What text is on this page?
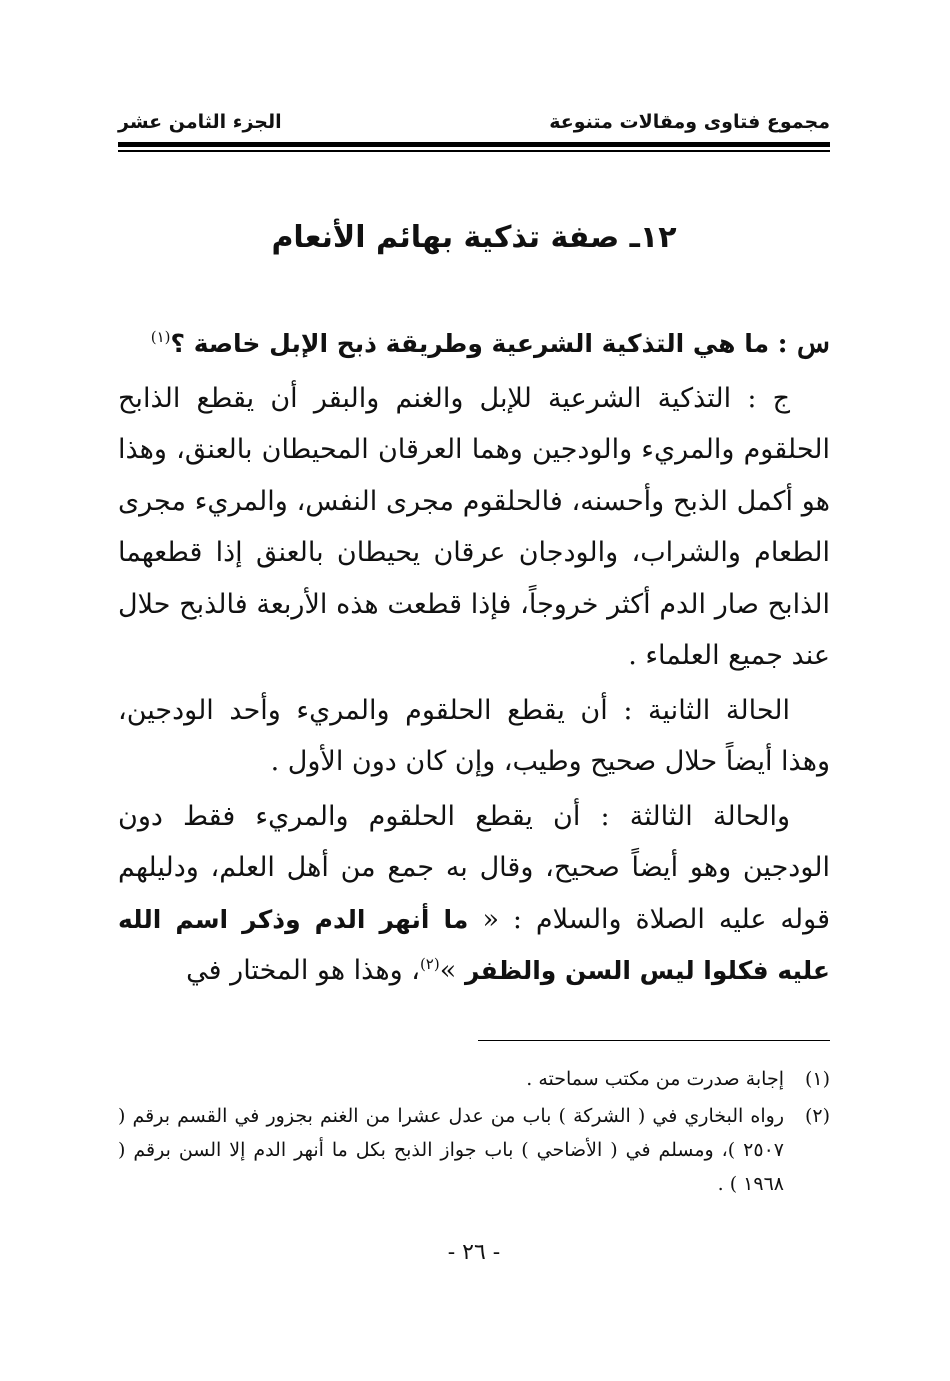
مجموع فتاوى ومقالات متنوعة
الجزء الثامن عشر
١٢ـ صفة تذكية بهائم الأنعام

س : ما هي التذكية الشرعية وطريقة ذبح الإبل خاصة ؟$^{(١)}$

ج : التذكية الشرعية للإبل والغنم والبقر أن يقطع الذابح الحلقوم والمريء والودجين وهما العرقان المحيطان بالعنق، وهذا هو أكمل الذبح وأحسنه، فالحلقوم مجرى النفس، والمريء مجرى الطعام والشراب، والودجان عرقان يحيطان بالعنق إذا قطعهما الذابح صار الدم أكثر خروجاً، فإذا قطعت هذه الأربعة فالذبح حلال عند جميع العلماء .

الحالة الثانية : أن يقطع الحلقوم والمريء وأحد الودجين، وهذا أيضاً حلال صحيح وطيب، وإن كان دون الأول .

والحالة الثالثة : أن يقطع الحلقوم والمريء فقط دون الودجين وهو أيضاً صحيح، وقال به جمع من أهل العلم، ودليلهم قوله عليه الصلاة والسلام : « ما أنهر الدم وذكر اسم الله عليه فكلوا ليس السن والظفر »$^{(٢)}$، وهذا هو المختار في

(١)
إجابة صدرت من مكتب سماحته .
(٢)
رواه البخاري في ( الشركة ) باب من عدل عشرا من الغنم بجزور في القسم برقم ( ٢٥٠٧ )، ومسلم في ( الأضاحي ) باب جواز الذبح بكل ما أنهر الدم إلا السن برقم ( ١٩٦٨ ) .
- ٢٦ -
